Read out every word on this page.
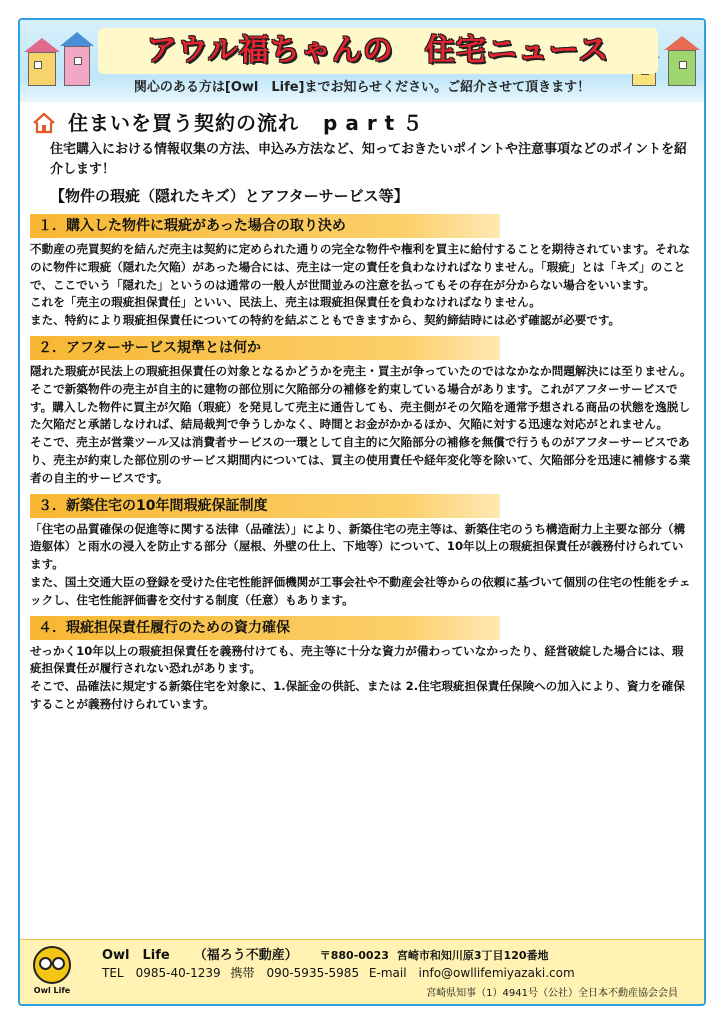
アウル福ちゃんの　住宅ニュース
関心のある方は[Owl　Life]までお知らせください。ご紹介させて頂きます！
住まいを買う契約の流れ part５
住宅購入における情報収集の方法、申込み方法など、知っておきたいポイントや注意事項などのポイントを紹介します！
【物件の瑕疵（隠れたキズ）とアフターサービス等】
１．購入した物件に瑕疵があった場合の取り決め

不動産の売買契約を結んだ売主は契約に定められた通りの完全な物件や権利を買主に給付することを期待されています。それなのに物件に瑕疵（隠れた欠陥）があった場合には、売主は一定の責任を負わなければなりません。「瑕疵」とは「キズ」のことで、ここでいう「隠れた」というのは通常の一般人が世間並みの注意を払ってもその存在が分からない場合をいいます。

これを「売主の瑕疵担保責任」といい、民法上、売主は瑕疵担保責任を負わなければなりません。

また、特約により瑕疵担保責任についての特約を結ぶこともできますから、契約締結時には必ず確認が必要です。

２．アフターサービス規準とは何か

隠れた瑕疵が民法上の瑕疵担保責任の対象となるかどうかを売主・買主が争っていたのではなかなか問題解決には至りません。

そこで新築物件の売主が自主的に建物の部位別に欠陥部分の補修を約束している場合があります。これがアフターサービスです。購入した物件に買主が欠陥（瑕疵）を発見して売主に通告しても、売主側がその欠陥を通常予想される商品の状態を逸脱した欠陥だと承諾しなければ、結局裁判で争うしかなく、時間とお金がかかるほか、欠陥に対する迅速な対応がとれません。

そこで、売主が営業ツール又は消費者サービスの一環として自主的に欠陥部分の補修を無償で行うものがアフターサービスであり、売主が約束した部位別のサービス期間内については、買主の使用責任や経年変化等を除いて、欠陥部分を迅速に補修する業者の自主的サービスです。

３．新築住宅の10年間瑕疵保証制度

「住宅の品質確保の促進等に関する法律（品確法）」により、新築住宅の売主等は、新築住宅のうち構造耐力上主要な部分（構造躯体）と雨水の浸入を防止する部分（屋根、外壁の仕上、下地等）について、10年以上の瑕疵担保責任が義務付けられています。

また、国土交通大臣の登録を受けた住宅性能評価機関が工事会社や不動産会社等からの依頼に基づいて個別の住宅の性能をチェックし、住宅性能評価書を交付する制度（任意）もあります。

４．瑕疵担保責任履行のための資力確保

せっかく10年以上の瑕疵担保責任を義務付けても、売主等に十分な資力が備わっていなかったり、経営破綻した場合には、瑕疵担保責任が履行されない恐れがあります。

そこで、品確法に規定する新築住宅を対象に、1.保証金の供託、または 2.住宅瑕疵担保責任保険への加入により、資力を確保することが義務付けられています。

Owl Life
Owl　Life （福ろう不動産） 〒880-0023 宮崎市和知川原3丁目120番地
TEL　0985-40-1239 携帯　090-5935-5985 E-mail　info@owllifemiyazaki.com
宮崎県知事（1）4941号（公社）全日本不動産協会会員
